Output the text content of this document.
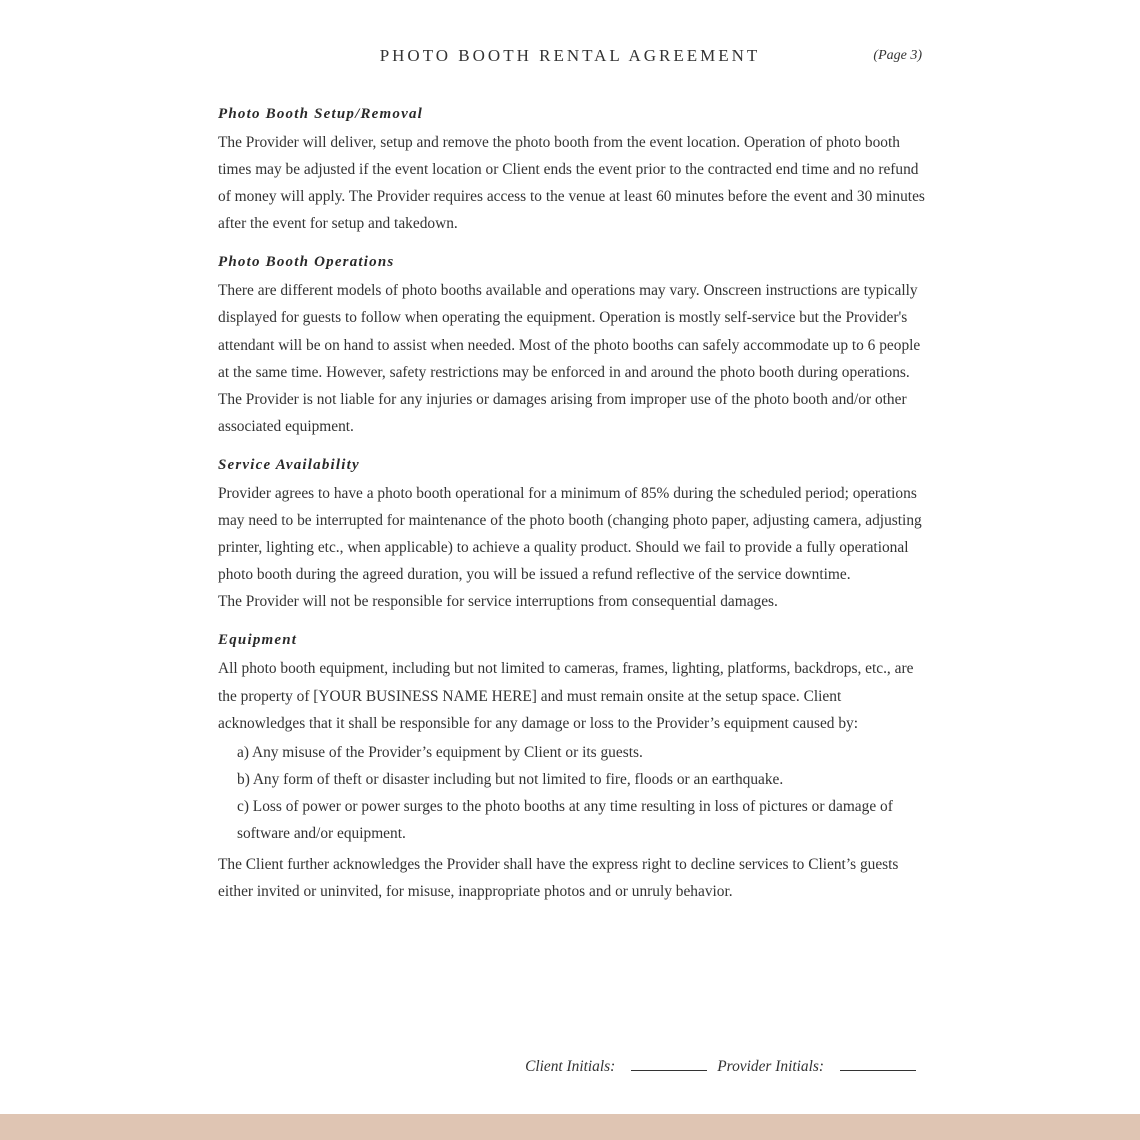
PHOTO BOOTH RENTAL AGREEMENT	(Page 3)
Photo Booth Setup/Removal

The Provider will deliver, setup and remove the photo booth from the event location. Operation of photo booth times may be adjusted if the event location or Client ends the event prior to the contracted end time and no refund of money will apply. The Provider requires access to the venue at least 60 minutes before the event and 30 minutes after the event for setup and takedown.

Photo Booth Operations

There are different models of photo booths available and operations may vary. Onscreen instructions are typically displayed for guests to follow when operating the equipment. Operation is mostly self-service but the Provider's attendant will be on hand to assist when needed. Most of the photo booths can safely accommodate up to 6 people at the same time. However, safety restrictions may be enforced in and around the photo booth during operations.

The Provider is not liable for any injuries or damages arising from improper use of the photo booth and/or other associated equipment.

Service Availability

Provider agrees to have a photo booth operational for a minimum of 85% during the scheduled period; operations may need to be interrupted for maintenance of the photo booth (changing photo paper, adjusting camera, adjusting printer, lighting etc., when applicable) to achieve a quality product. Should we fail to provide a fully operational photo booth during the agreed duration, you will be issued a refund reflective of the service downtime.

The Provider will not be responsible for service interruptions from consequential damages.

Equipment

All photo booth equipment, including but not limited to cameras, frames, lighting, platforms, backdrops, etc., are the property of [YOUR BUSINESS NAME HERE] and must remain onsite at the setup space. Client acknowledges that it shall be responsible for any damage or loss to the Provider’s equipment caused by:

a) Any misuse of the Provider’s equipment by Client or its guests.
b) Any form of theft or disaster including but not limited to fire, floods or an earthquake.
c) Loss of power or power surges to the photo booths at any time resulting in loss of pictures or damage of software and/or equipment.

The Client further acknowledges the Provider shall have the express right to decline services to Client’s guests either invited or uninvited, for misuse, inappropriate photos and or unruly behavior.

Client Initials:	Provider Initials:
